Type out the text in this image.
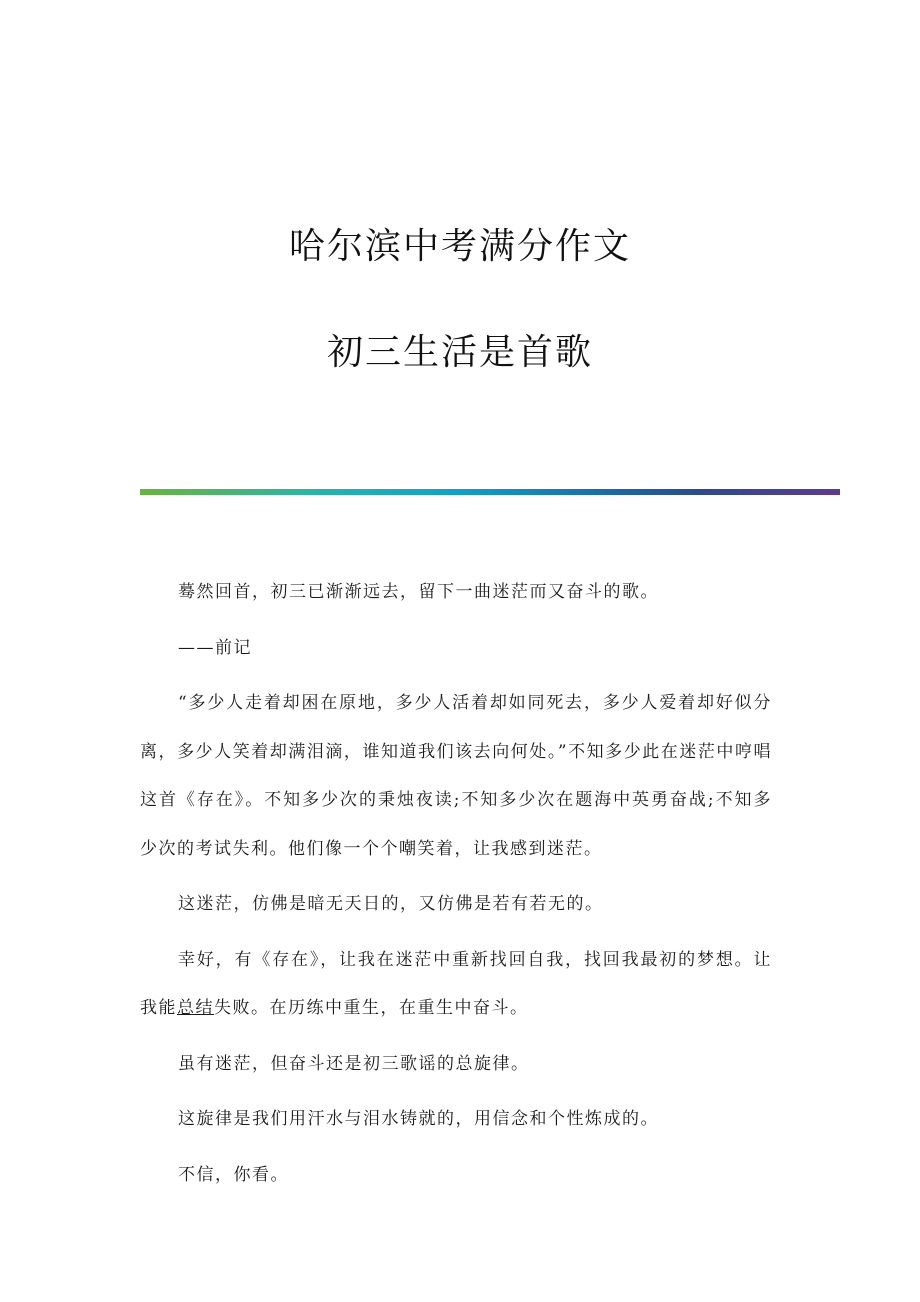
哈尔滨中考满分作文
初三生活是首歌

蓦然回首，初三已渐渐远去，留下一曲迷茫而又奋斗的歌。

——前记

“多少人走着却困在原地，多少人活着却如同死去，多少人爱着却好似分离，多少人笑着却满泪滴，谁知道我们该去向何处。”不知多少此在迷茫中哼唱这首《存在》。不知多少次的秉烛夜读;不知多少次在题海中英勇奋战;不知多少次的考试失利。他们像一个个嘲笑着，让我感到迷茫。

这迷茫，仿佛是暗无天日的，又仿佛是若有若无的。

幸好，有《存在》，让我在迷茫中重新找回自我，找回我最初的梦想。让我能总结失败。在历练中重生，在重生中奋斗。

虽有迷茫，但奋斗还是初三歌谣的总旋律。

这旋律是我们用汗水与泪水铸就的，用信念和个性炼成的。

不信，你看。
